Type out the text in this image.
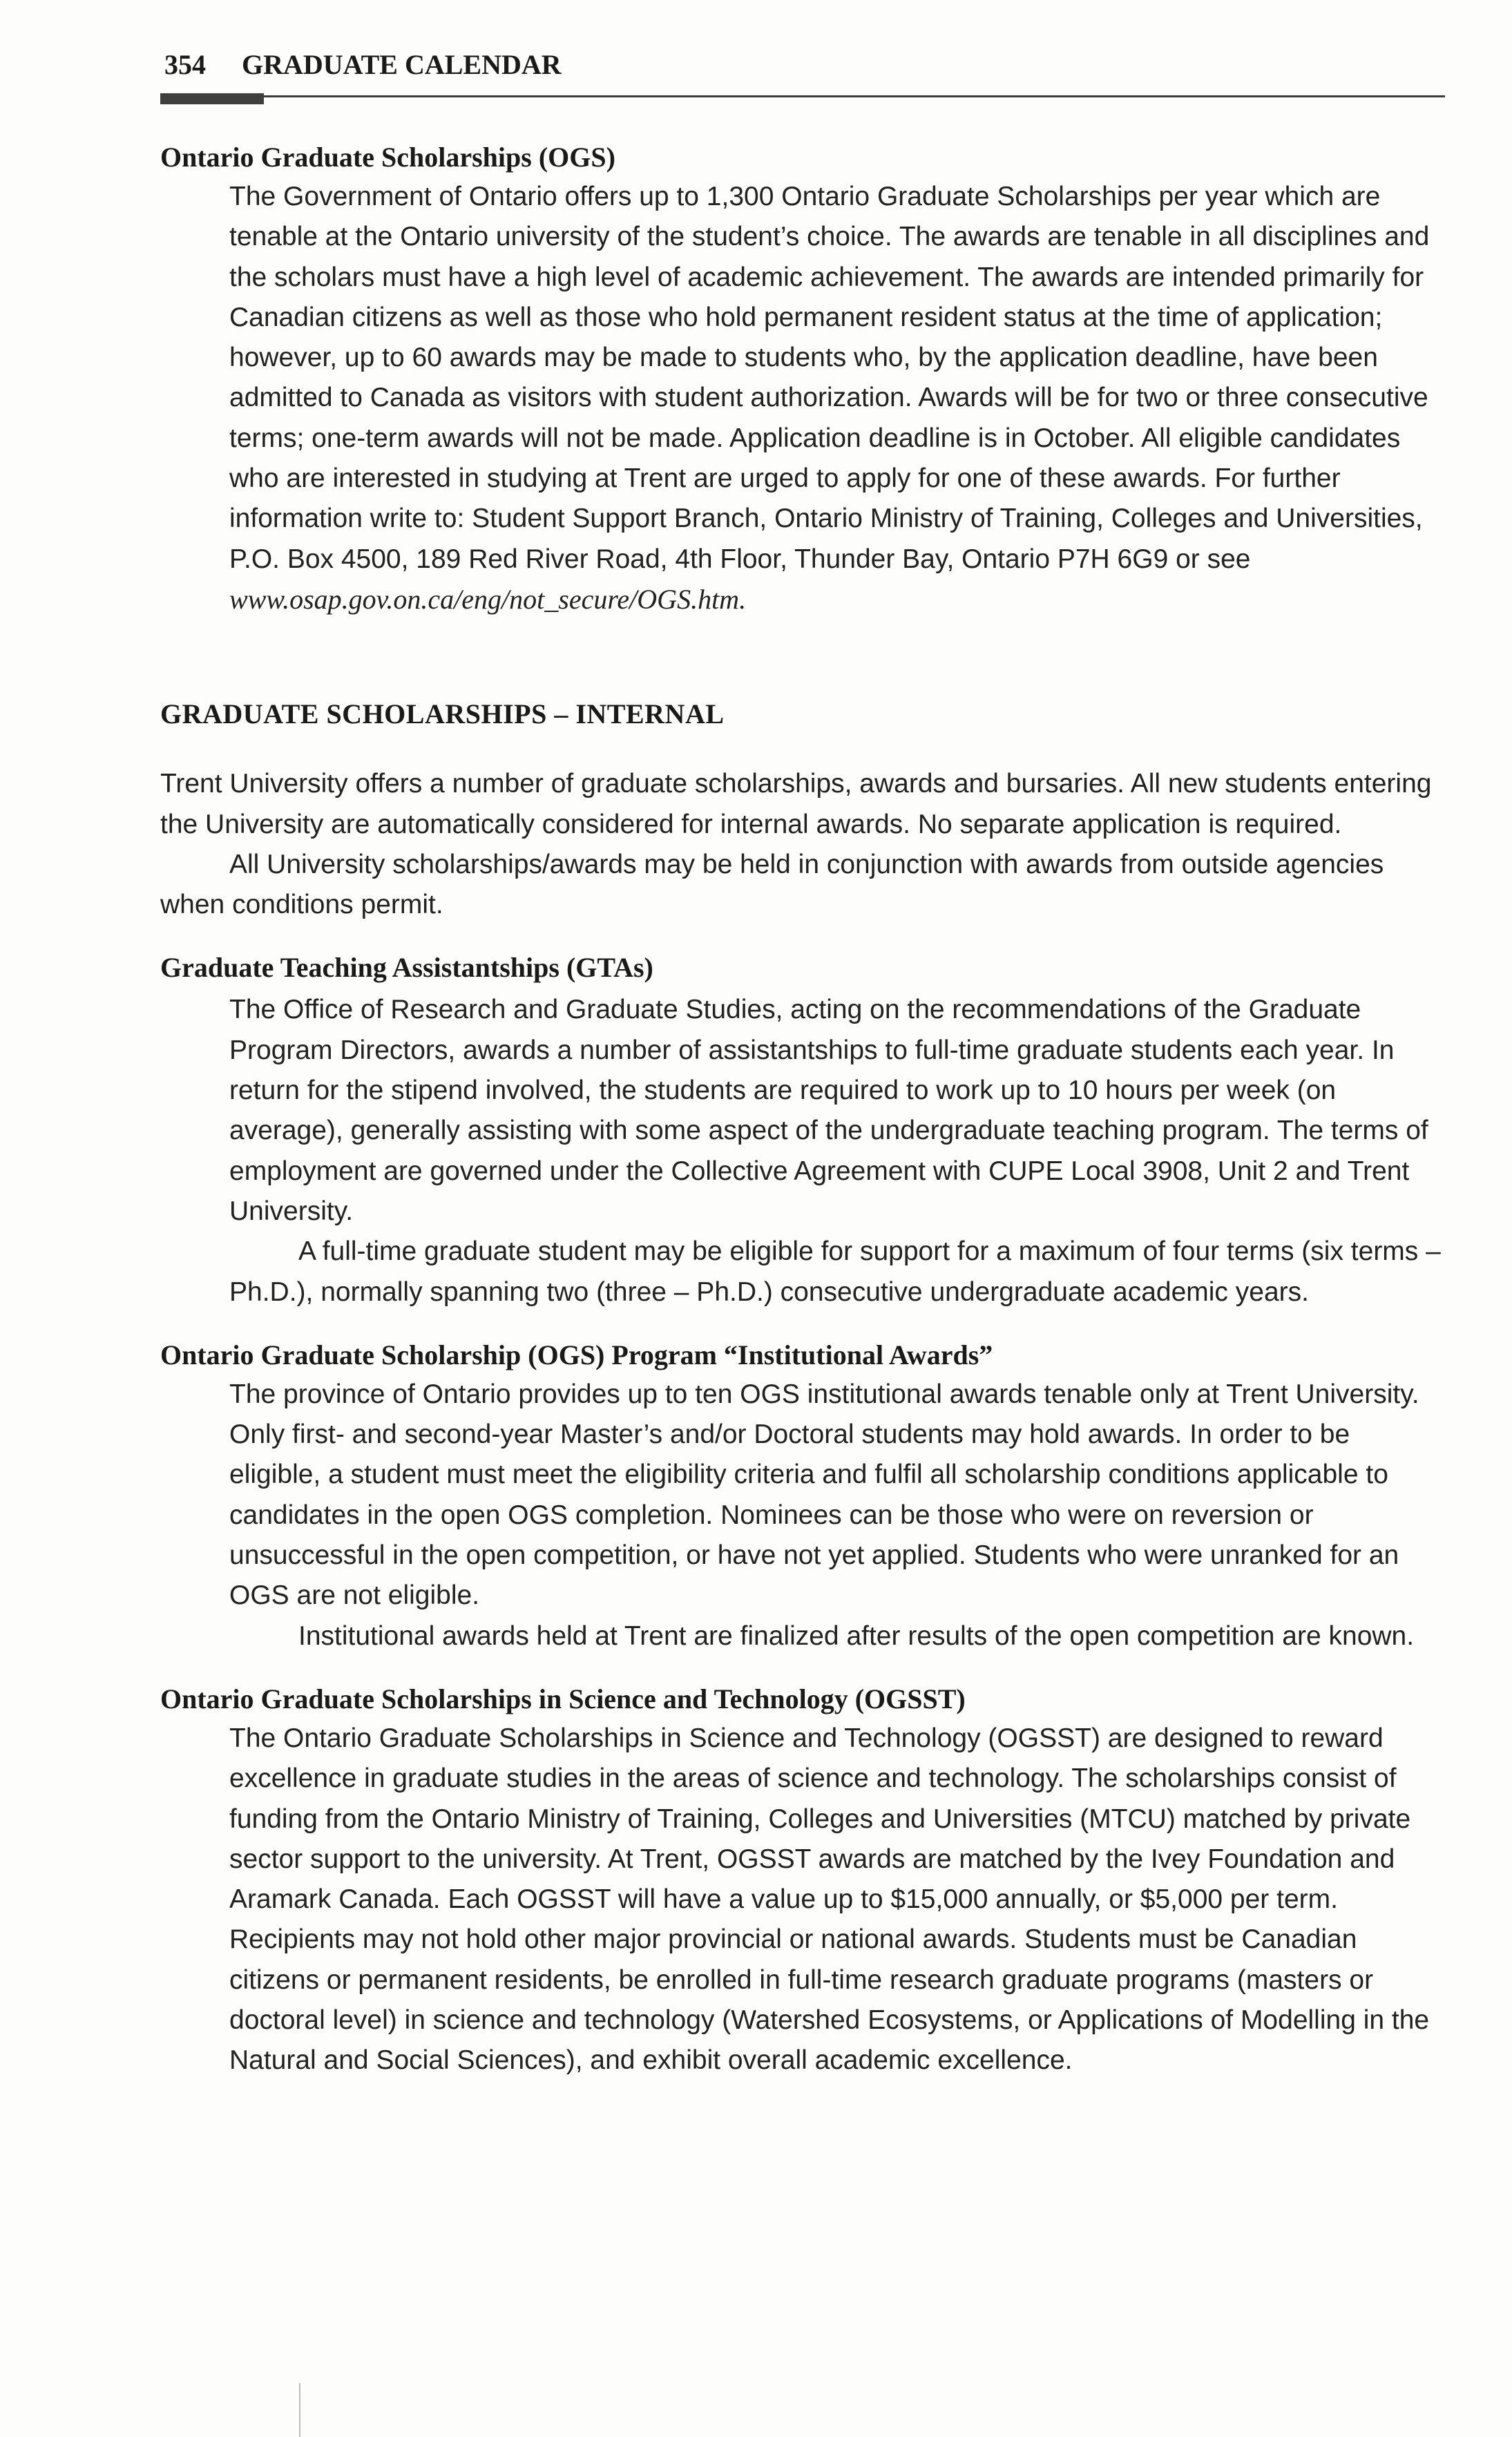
354 GRADUATE CALENDAR
Ontario Graduate Scholarships (OGS)

The Government of Ontario offers up to 1,300 Ontario Graduate Scholarships per year which are tenable at the Ontario university of the student’s choice. The awards are tenable in all disciplines and the scholars must have a high level of academic achievement. The awards are intended primarily for Canadian citizens as well as those who hold permanent resident status at the time of application; however, up to 60 awards may be made to students who, by the application deadline, have been admitted to Canada as visitors with student authorization. Awards will be for two or three consecutive terms; one-term awards will not be made. Application deadline is in October. All eligible candidates who are interested in studying at Trent are urged to apply for one of these awards. For further information write to: Student Support Branch, Ontario Ministry of Training, Colleges and Universities, P.O. Box 4500, 189 Red River Road, 4th Floor, Thunder Bay, Ontario P7H 6G9 or see www.osap.gov.on.ca/eng/not_secure/OGS.htm.

GRADUATE SCHOLARSHIPS – INTERNAL

Trent University offers a number of graduate scholarships, awards and bursaries. All new students entering the University are automatically considered for internal awards. No separate application is required.

All University scholarships/awards may be held in conjunction with awards from outside agencies when conditions permit.

Graduate Teaching Assistantships (GTAs)

The Office of Research and Graduate Studies, acting on the recommendations of the Graduate Program Directors, awards a number of assistantships to full-time graduate students each year. In return for the stipend involved, the students are required to work up to 10 hours per week (on average), generally assisting with some aspect of the undergraduate teaching program. The terms of employment are governed under the Collective Agreement with CUPE Local 3908, Unit 2 and Trent University.

A full-time graduate student may be eligible for support for a maximum of four terms (six terms – Ph.D.), normally spanning two (three – Ph.D.) consecutive undergraduate academic years.

Ontario Graduate Scholarship (OGS) Program “Institutional Awards”

The province of Ontario provides up to ten OGS institutional awards tenable only at Trent University. Only first- and second-year Master’s and/or Doctoral students may hold awards. In order to be eligible, a student must meet the eligibility criteria and fulfil all scholarship conditions applicable to candidates in the open OGS completion. Nominees can be those who were on reversion or unsuccessful in the open competition, or have not yet applied. Students who were unranked for an OGS are not eligible.

Institutional awards held at Trent are finalized after results of the open competition are known.

Ontario Graduate Scholarships in Science and Technology (OGSST)

The Ontario Graduate Scholarships in Science and Technology (OGSST) are designed to reward excellence in graduate studies in the areas of science and technology. The scholarships consist of funding from the Ontario Ministry of Training, Colleges and Universities (MTCU) matched by private sector support to the university. At Trent, OGSST awards are matched by the Ivey Foundation and Aramark Canada. Each OGSST will have a value up to $15,000 annually, or $5,000 per term. Recipients may not hold other major provincial or national awards. Students must be Canadian citizens or permanent residents, be enrolled in full-time research graduate programs (masters or doctoral level) in science and technology (Watershed Ecosystems, or Applications of Modelling in the Natural and Social Sciences), and exhibit overall academic excellence.
